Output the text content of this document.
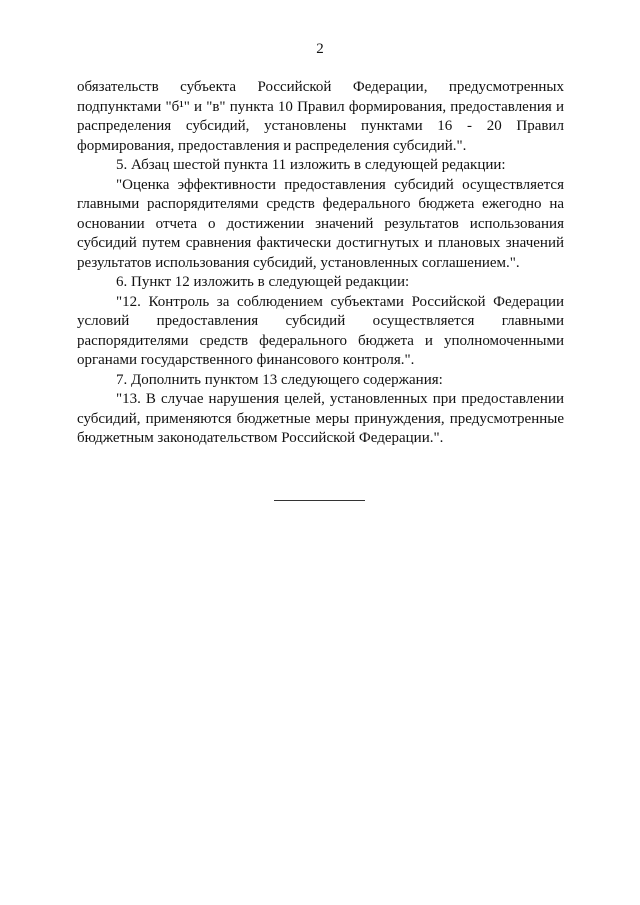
2

обязательств субъекта Российской Федерации, предусмотренных подпунктами "б¹" и "в" пункта 10 Правил формирования, предоставления и распределения субсидий, установлены пунктами 16 - 20 Правил формирования, предоставления и распределения субсидий.".

5. Абзац шестой пункта 11 изложить в следующей редакции:

"Оценка эффективности предоставления субсидий осуществляется главными распорядителями средств федерального бюджета ежегодно на основании отчета о достижении значений результатов использования субсидий путем сравнения фактически достигнутых и плановых значений результатов использования субсидий, установленных соглашением.".

6. Пункт 12 изложить в следующей редакции:

"12. Контроль за соблюдением субъектами Российской Федерации условий предоставления субсидий осуществляется главными распорядителями средств федерального бюджета и уполномоченными органами государственного финансового контроля.".

7. Дополнить пунктом 13 следующего содержания:

"13. В случае нарушения целей, установленных при предоставлении субсидий, применяются бюджетные меры принуждения, предусмотренные бюджетным законодательством Российской Федерации.".
